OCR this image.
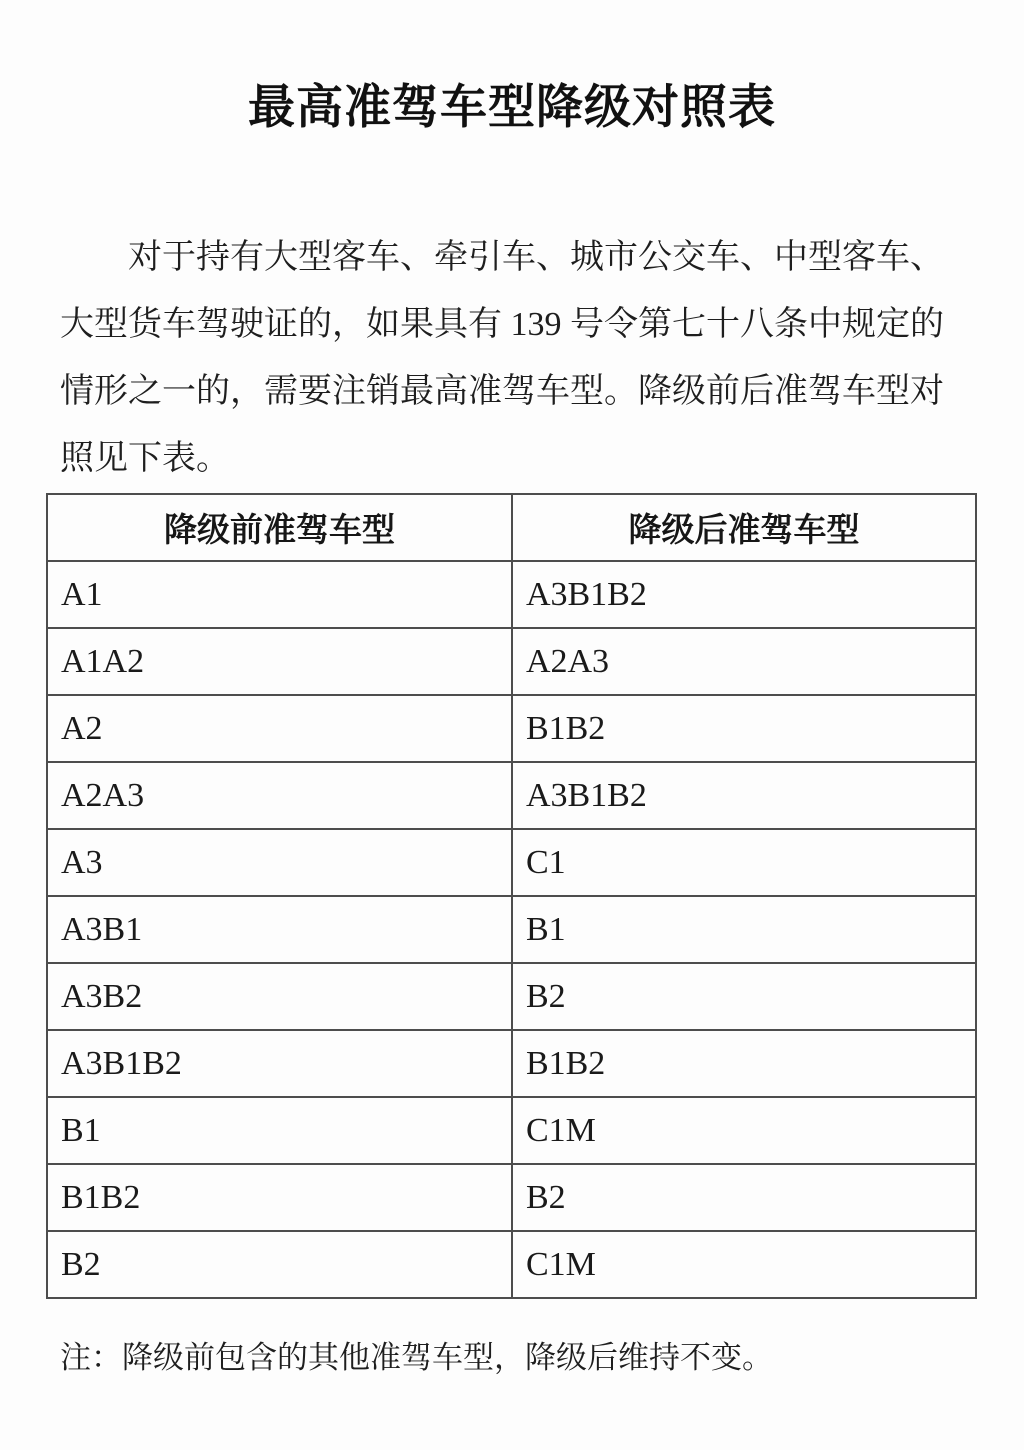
最高准驾车型降级对照表
对于持有大型客车、牵引车、城市公交车、中型客车、
大型货车驾驶证的，如果具有 139 号令第七十八条中规定的
情形之一的，需要注销最高准驾车型。降级前后准驾车型对
照见下表。
降级前准驾车型	降级后准驾车型
A1	A3B1B2
A1A2	A2A3
A2	B1B2
A2A3	A3B1B2
A3	C1
A3B1	B1
A3B2	B2
A3B1B2	B1B2
B1	C1M
B1B2	B2
B2	C1M
注：降级前包含的其他准驾车型，降级后维持不变。
